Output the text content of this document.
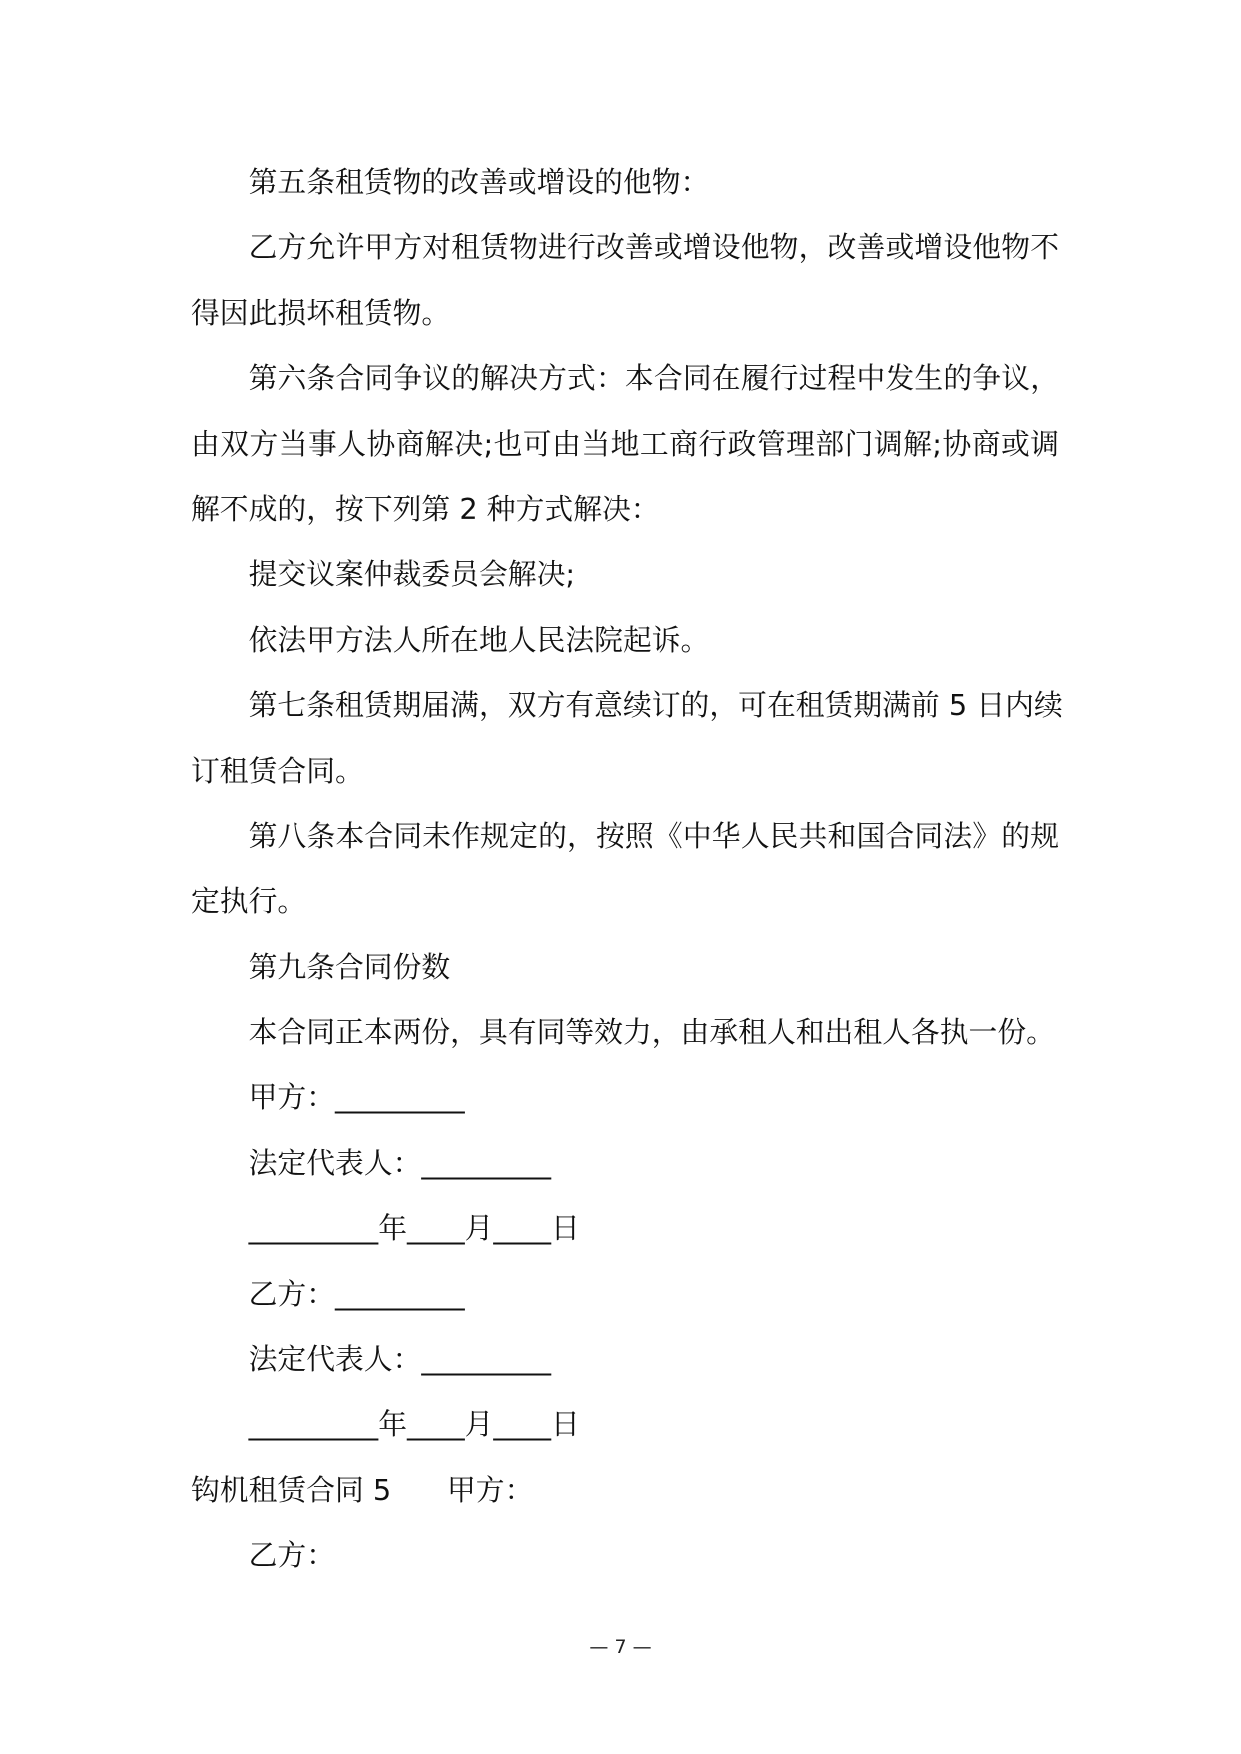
第五条租赁物的改善或增设的他物：
乙方允许甲方对租赁物进行改善或增设他物，改善或增设他物不
得因此损坏租赁物。
第六条合同争议的解决方式：本合同在履行过程中发生的争议，
由双方当事人协商解决;也可由当地工商行政管理部门调解;协商或调
解不成的，按下列第 2 种方式解决：
提交议案仲裁委员会解决;
依法甲方法人所在地人民法院起诉。
第七条租赁期届满，双方有意续订的，可在租赁期满前 5 日内续
订租赁合同。
第八条本合同未作规定的，按照《中华人民共和国合同法》的规
定执行。
第九条合同份数
本合同正本两份，具有同等效力，由承租人和出租人各执一份。
甲方：_________
法定代表人：_________
_________年____月____日
乙方：_________
法定代表人：_________
_________年____月____日
钩机租赁合同 5 甲方：
乙方：
— 7 —
